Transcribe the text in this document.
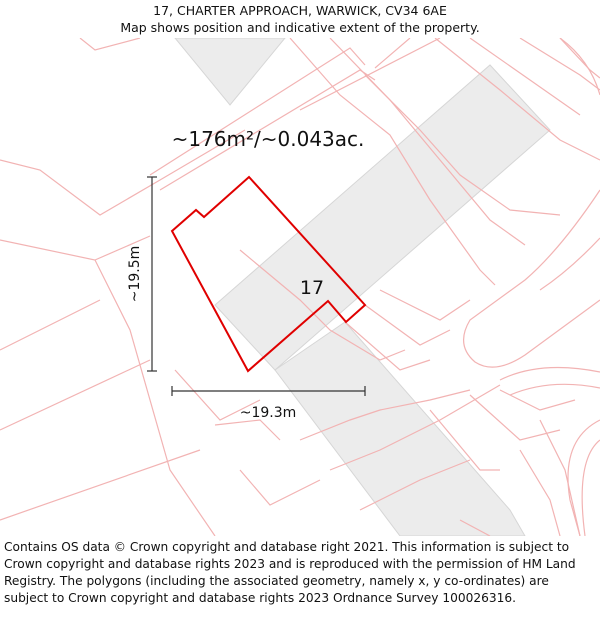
17, CHARTER APPROACH, WARWICK, CV34 6AE
Map shows position and indicative extent of the property.
~176m²/~0.043ac.
17
~19.5m
~19.3m
Contains OS data © Crown copyright and database right 2021. This information is subject to Crown copyright and database rights 2023 and is reproduced with the permission of HM Land Registry. The polygons (including the associated geometry, namely x, y co-ordinates) are subject to Crown copyright and database rights 2023 Ordnance Survey 100026316.
